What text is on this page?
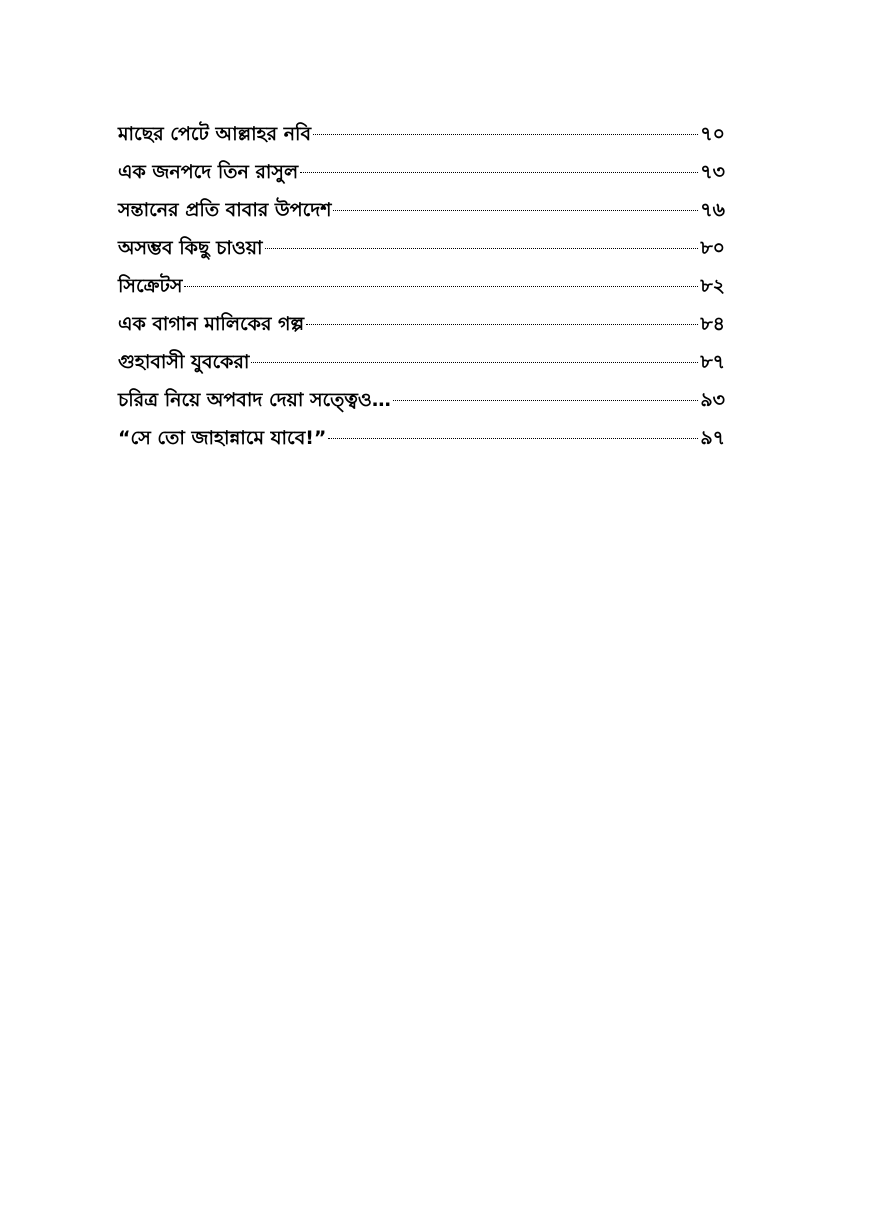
মাছের পেটে আল্লাহর নবি	৭০
এক জনপদে তিন রাসুল	৭৩
সন্তানের প্রতি বাবার উপদেশ	৭৬
অসম্ভব কিছু চাওয়া	৮০
সিক্রেটস	৮২
এক বাগান মালিকের গল্প	৮৪
গুহাবাসী যুবকেরা	৮৭
চরিত্র নিয়ে অপবাদ দেয়া সত্ত্বেও…	৯৩
“সে তো জাহান্নামে যাবে!”	৯৭
